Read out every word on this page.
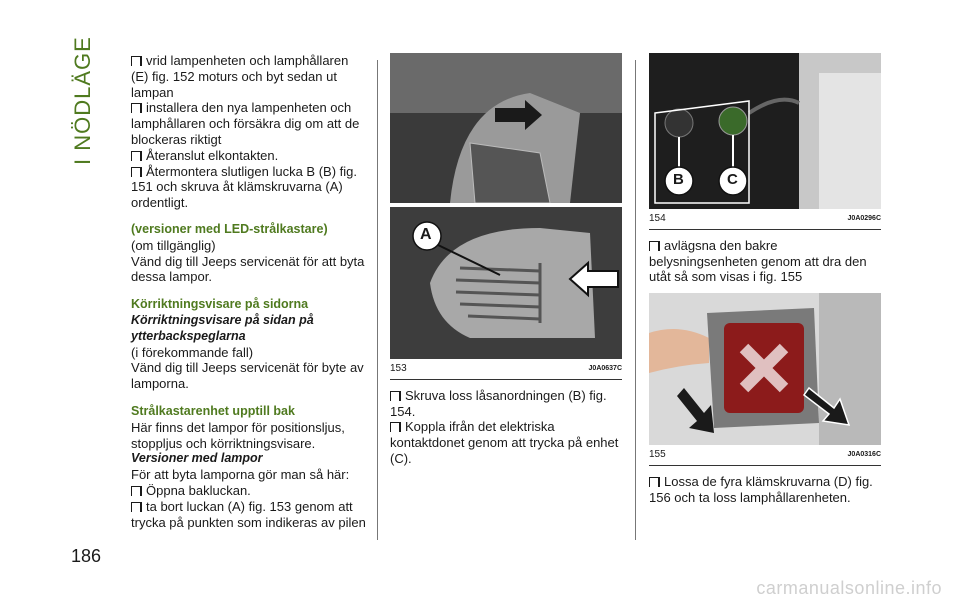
I NÖDLÄGE
186
vrid lampenheten och lamphållaren (E) fig. 152 moturs och byt sedan ut lampan
installera den nya lampenheten och lamphållaren och försäkra dig om att de blockeras riktigt
Återanslut elkontakten.
Återmontera slutligen lucka B (B) fig. 151 och skruva åt klämskruvarna (A) ordentligt.
(versioner med LED-strålkastare)

(om tillgänglig)

Vänd dig till Jeeps servicenät för att byta dessa lampor.

Körriktningsvisare på sidorna
Körriktningsvisare på sidan på ytterbackspeglarna

(i förekommande fall)

Vänd dig till Jeeps servicenät för byte av lamporna.

Strålkastarenhet upptill bak

Här finns det lampor för positionsljus, stoppljus och körriktningsvisare.

Versioner med lampor

För att byta lamporna gör man så här:

Öppna bakluckan.
ta bort luckan (A) fig. 153 genom att trycka på punkten som indikeras av pilen
A
153	J0A0637C
Skruva loss låsanordningen (B) fig. 154.
Koppla ifrån det elektriska kontaktdonet genom att trycka på enhet (C).
B	C
154	J0A0296C
avlägsna den bakre belysningsenheten genom att dra den utåt så som visas i fig. 155
155	J0A0316C
Lossa de fyra klämskruvarna (D) fig. 156 och ta loss lamphållarenheten.
carmanualsonline.info
